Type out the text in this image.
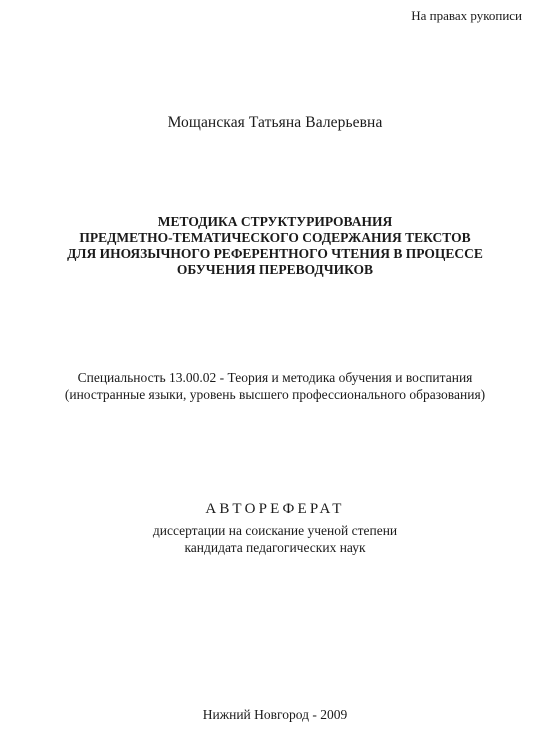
На правах рукописи
Мощанская Татьяна Валерьевна
МЕТОДИКА СТРУКТУРИРОВАНИЯ
ПРЕДМЕТНО-ТЕМАТИЧЕСКОГО СОДЕРЖАНИЯ ТЕКСТОВ
ДЛЯ ИНОЯЗЫЧНОГО РЕФЕРЕНТНОГО ЧТЕНИЯ В ПРОЦЕССЕ
ОБУЧЕНИЯ ПЕРЕВОДЧИКОВ
Специальность 13.00.02 - Теория и методика обучения и воспитания
(иностранные языки, уровень высшего профессионального образования)
АВТОРЕФЕРАТ
диссертации на соискание ученой степени
кандидата педагогических наук
Нижний Новгород - 2009
